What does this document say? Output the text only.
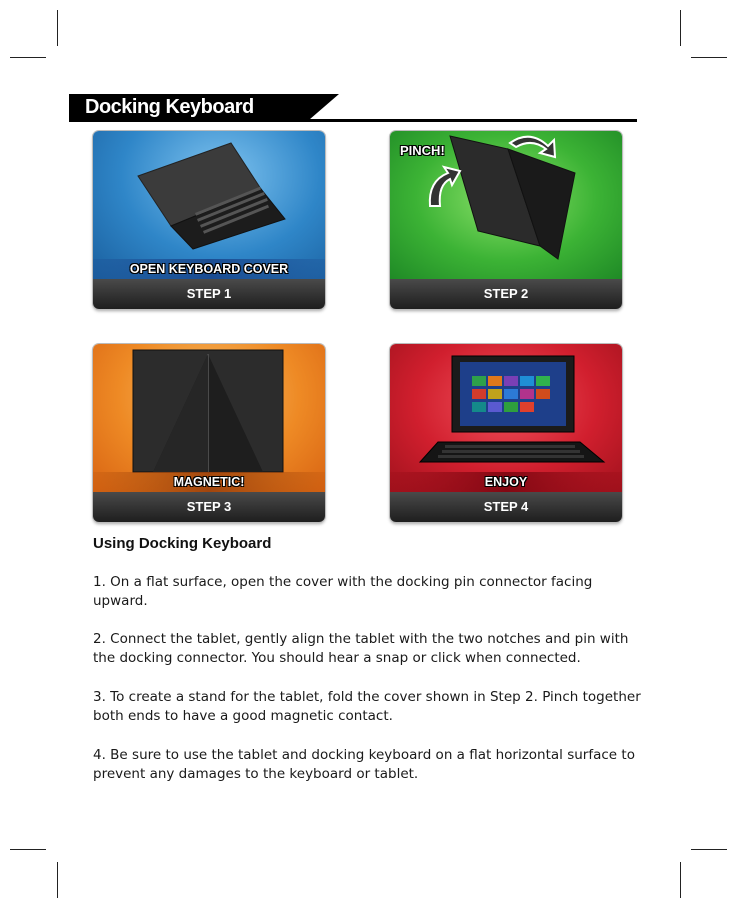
Docking Keyboard
OPEN KEYBOARD COVER
STEP 1
PINCH!
STEP 2
MAGNETIC!
STEP 3
ENJOY
STEP 4
Using Docking Keyboard
1. On a flat surface, open the cover with the docking pin connector facing upward.
2. Connect the tablet, gently align the tablet with the two notches and pin with the docking connector. You should hear a snap or click when connected.
3. To create a stand for the tablet, fold the cover shown in Step 2. Pinch together both ends to have a good magnetic contact.
4. Be sure to use the tablet and docking keyboard on a flat horizontal surface to prevent any damages to the keyboard or tablet.
